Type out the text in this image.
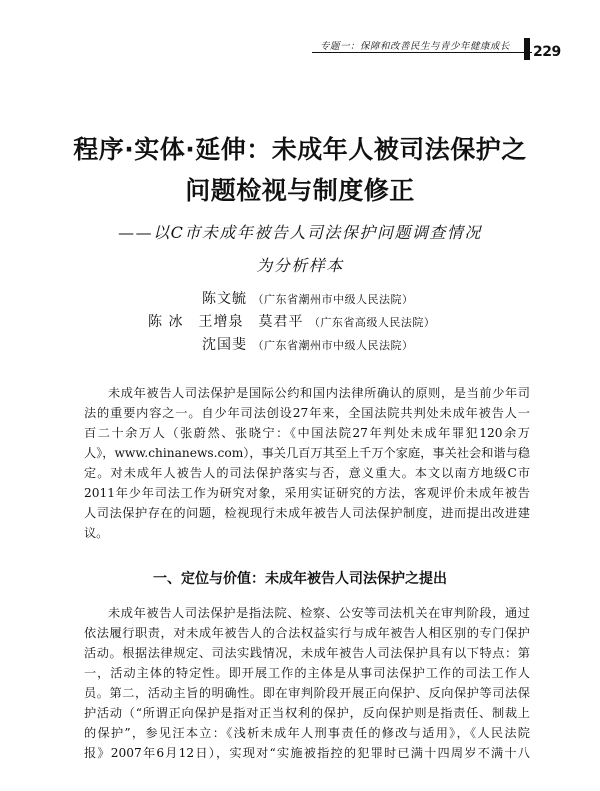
专题一：保障和改善民生与青少年健康成长 229
程序·实体·延伸：未成年人被司法保护之
问题检视与制度修正
——以C市未成年被告人司法保护问题调查情况
为分析样本
陈文毓 （广东省潮州市中级人民法院）
陈 冰　王增泉　莫君平 （广东省高级人民法院）
沈国斐 （广东省潮州市中级人民法院）
未成年被告人司法保护是国际公约和国内法律所确认的原则，是当前少年司
法的重要内容之一。自少年司法创设27年来，全国法院共判处未成年被告人一
百二十余万人（张蔚然、张晓宁：《中国法院27年判处未成年罪犯120余万
人》，www.chinanews.com），事关几百万其至上千万个家庭，事关社会和谐与稳
定。对未成年人被告人的司法保护落实与否，意义重大。本文以南方地级C市
2011年少年司法工作为研究对象，采用实证研究的方法，客观评价未成年被告
人司法保护存在的问题，检视现行未成年被告人司法保护制度，进而提出改进建
议。
一、定位与价值：未成年被告人司法保护之提出
未成年被告人司法保护是指法院、检察、公安等司法机关在审判阶段，通过
依法履行职责，对未成年被告人的合法权益实行与成年被告人相区别的专门保护
活动。根据法律规定、司法实践情况，未成年被告人司法保护具有以下特点：第
一，活动主体的特定性。即开展工作的主体是从事司法保护工作的司法工作人
员。第二，活动主旨的明确性。即在审判阶段开展正向保护、反向保护等司法保
护活动（“所谓正向保护是指对正当权利的保护，反向保护则是指责任、制裁上
的保护”，参见汪本立：《浅析未成年人刑事责任的修改与适用》，《人民法院
报》2007年6月12日），实现对“实施被指控的犯罪时已满十四周岁不满十八
